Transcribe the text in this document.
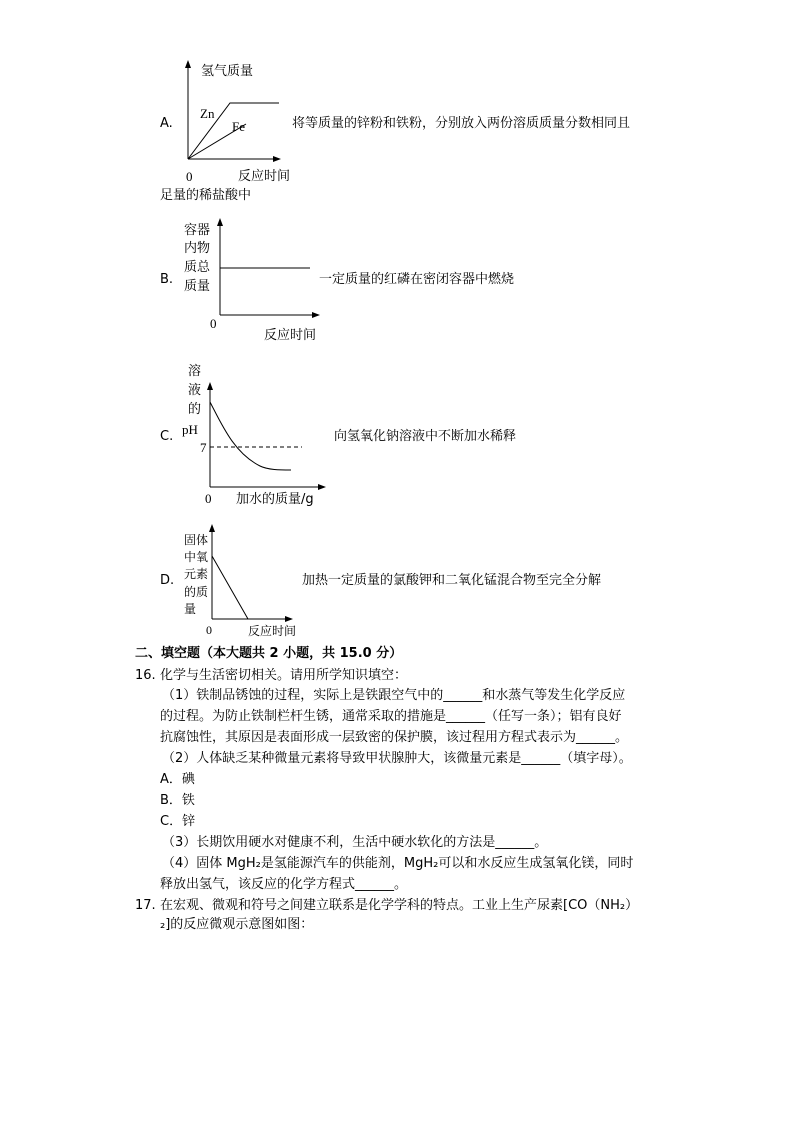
A.
氢气质量
Zn
Fe
0	反应时间
将等质量的锌粉和铁粉，分别放入两份溶质质量分数相同且
足量的稀盐酸中
B.
容器
内物
质总
质量
0
反应时间
一定质量的红磷在密闭容器中燃烧
C.
溶
液
的
pH
7
0 加水的质量/g
向氢氧化钠溶液中不断加水稀释
D.
固体
中氧
元素
的质
量
0	反应时间
加热一定质量的氯酸钾和二氧化锰混合物至完全分解
二、填空题（本大题共 2 小题，共 15.0 分）
16. 化学与生活密切相关。请用所学知识填空：
（1）铁制品锈蚀的过程，实际上是铁跟空气中的______和水蒸气等发生化学反应
的过程。为防止铁制栏杆生锈，通常采取的措施是______（任写一条）；铝有良好
抗腐蚀性，其原因是表面形成一层致密的保护膜，该过程用方程式表示为______。
（2）人体缺乏某种微量元素将导致甲状腺肿大，该微量元素是______（填字母）。
A．碘
B．铁
C．锌
（3）长期饮用硬水对健康不利，生活中硬水软化的方法是______。
（4）固体 MgH₂是氢能源汽车的供能剂，MgH₂可以和水反应生成氢氧化镁，同时
释放出氢气，该反应的化学方程式______。
17. 在宏观、微观和符号之间建立联系是化学学科的特点。工业上生产尿素[CO（NH₂）
₂]的反应微观示意图如图：
